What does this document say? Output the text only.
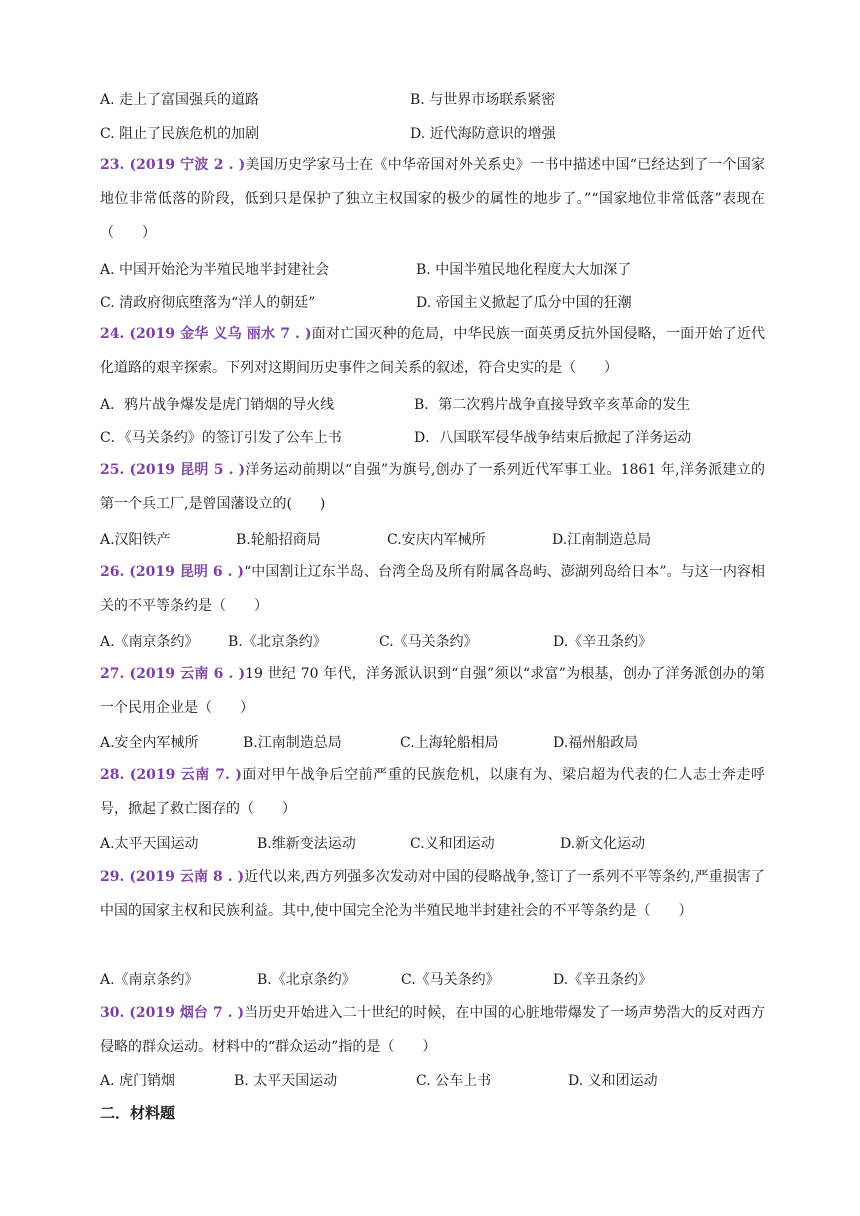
A. 走上了富国强兵的道路	B. 与世界市场联系紧密
C. 阻止了民族危机的加剧	D. 近代海防意识的增强
23. (2019 宁波 2 . )美国历史学家马士在《中华帝国对外关系史》一书中描述中国“已经达到了一个国家地位非常低落的阶段，低到只是保护了独立主权国家的极少的属性的地步了。”“国家地位非常低落”表现在（　　）
A. 中国开始沦为半殖民地半封建社会	B. 中国半殖民地化程度大大加深了
C. 清政府彻底堕落为“洋人的朝廷”	D. 帝国主义掀起了瓜分中国的狂潮
24. (2019 金华 义乌 丽水 7 . )面对亡国灭种的危局，中华民族一面英勇反抗外国侵略，一面开始了近代化道路的艰辛探索。下列对这期间历史事件之间关系的叙述，符合史实的是（　　）
A．鸦片战争爆发是虎门销烟的导火线	B．第二次鸦片战争直接导致辛亥革命的发生
C．《马关条约》的签订引发了公车上书	D．八国联军侵华战争结束后掀起了洋务运动
25. (2019 昆明 5 . )洋务运动前期以“自强”为旗号,创办了一系列近代军事工业。1861 年,洋务派建立的第一个兵工厂,是曾国藩设立的(　　)
A.汉阳铁产	B.轮船招商局	C.安庆内军械所	D.江南制造总局
26. (2019 昆明 6 . )“中国割让辽东半岛、台湾全岛及所有附属各岛屿、澎湖列岛给日本”。与这一内容相关的不平等条约是（　　）
A.《南京条约》 B.《北京条约》	C.《马关条约》	D.《辛丑条约》
27. (2019 云南 6 . )19 世纪 70 年代，洋务派认识到“自强”须以“求富”为根基，创办了洋务派创办的第一个民用企业是（　　）
A.安全内军械所	B.江南制造总局	C.上海轮船相局	D.福州船政局
28. (2019 云南 7. )面对甲午战争后空前严重的民族危机，以康有为、梁启超为代表的仁人志士奔走呼号，掀起了救亡图存的（　　）
A.太平天国运动	B.维新变法运动	C.义和团运动	D.新文化运动
29. (2019 云南 8 . )近代以来,西方列强多次发动对中国的侵略战争,签订了一系列不平等条约,严重损害了中国的国家主权和民族利益。其中,使中国完全沦为半殖民地半封建社会的不平等条约是（　　）
A.《南京条约》	B.《北京条约》	C.《马关条约》	D.《辛丑条约》
30. (2019 烟台 7 . )当历史开始进入二十世纪的时候，在中国的心脏地带爆发了一场声势浩大的反对西方侵略的群众运动。材料中的“群众运动”指的是（　　）
A. 虎门销烟	B. 太平天国运动	C. 公车上书	D. 义和团运动
二．材料题
